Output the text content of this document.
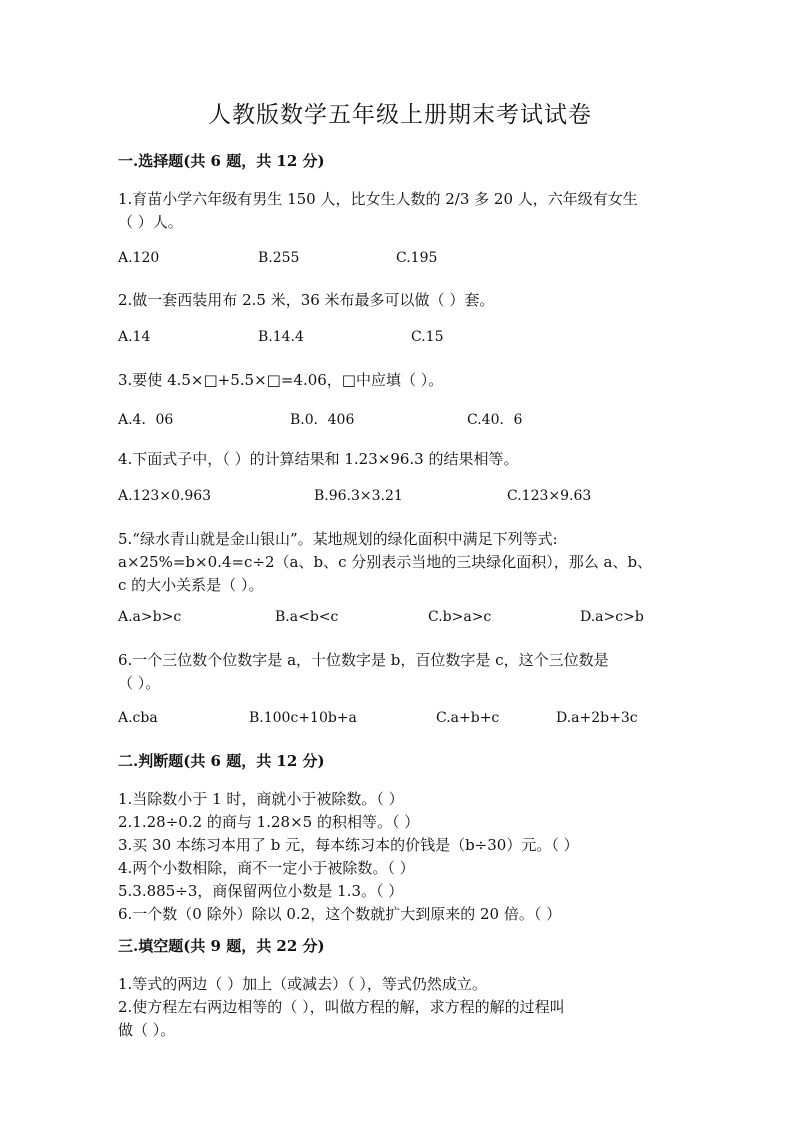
人教版数学五年级上册期末考试试卷
一.选择题(共 6 题，共 12 分)
1.育苗小学六年级有男生 150 人，比女生人数的 2/3 多 20 人，六年级有女生
（ ）人。
A.120	B.255	C.195
2.做一套西装用布 2.5 米，36 米布最多可以做（ ）套。
A.14	B.14.4	C.15
3.要使 4.5×□+5.5×□=4.06，□中应填（ ）。
A.4．06	B.0．406	C.40．6
4.下面式子中，（ ）的计算结果和 1.23×96.3 的结果相等。
A.123×0.963	B.96.3×3.21	C.123×9.63
5.“绿水青山就是金山银山”。某地规划的绿化面积中满足下列等式:
a×25%=b×0.4=c÷2（a、b、c 分别表示当地的三块绿化面积），那么 a、b、
c 的大小关系是（ ）。
A.a>b>c	B.a<b<c	C.b>a>c	D.a>c>b
6.一个三位数个位数字是 a，十位数字是 b，百位数字是 c，这个三位数是
（ ）。
A.cba	B.100c+10b+a	C.a+b+c	D.a+2b+3c
二.判断题(共 6 题，共 12 分)
1.当除数小于 1 时，商就小于被除数。（ ）
2.1.28÷0.2 的商与 1.28×5 的积相等。（ ）
3.买 30 本练习本用了 b 元，每本练习本的价钱是（b÷30）元。（ ）
4.两个小数相除，商不一定小于被除数。（ ）
5.3.885÷3，商保留两位小数是 1.3。（ ）
6.一个数（0 除外）除以 0.2，这个数就扩大到原来的 20 倍。（ ）
三.填空题(共 9 题，共 22 分)
1.等式的两边（ ）加上（或减去）（ ），等式仍然成立。
2.使方程左右两边相等的（ ），叫做方程的解，求方程的解的过程叫
做（ ）。
